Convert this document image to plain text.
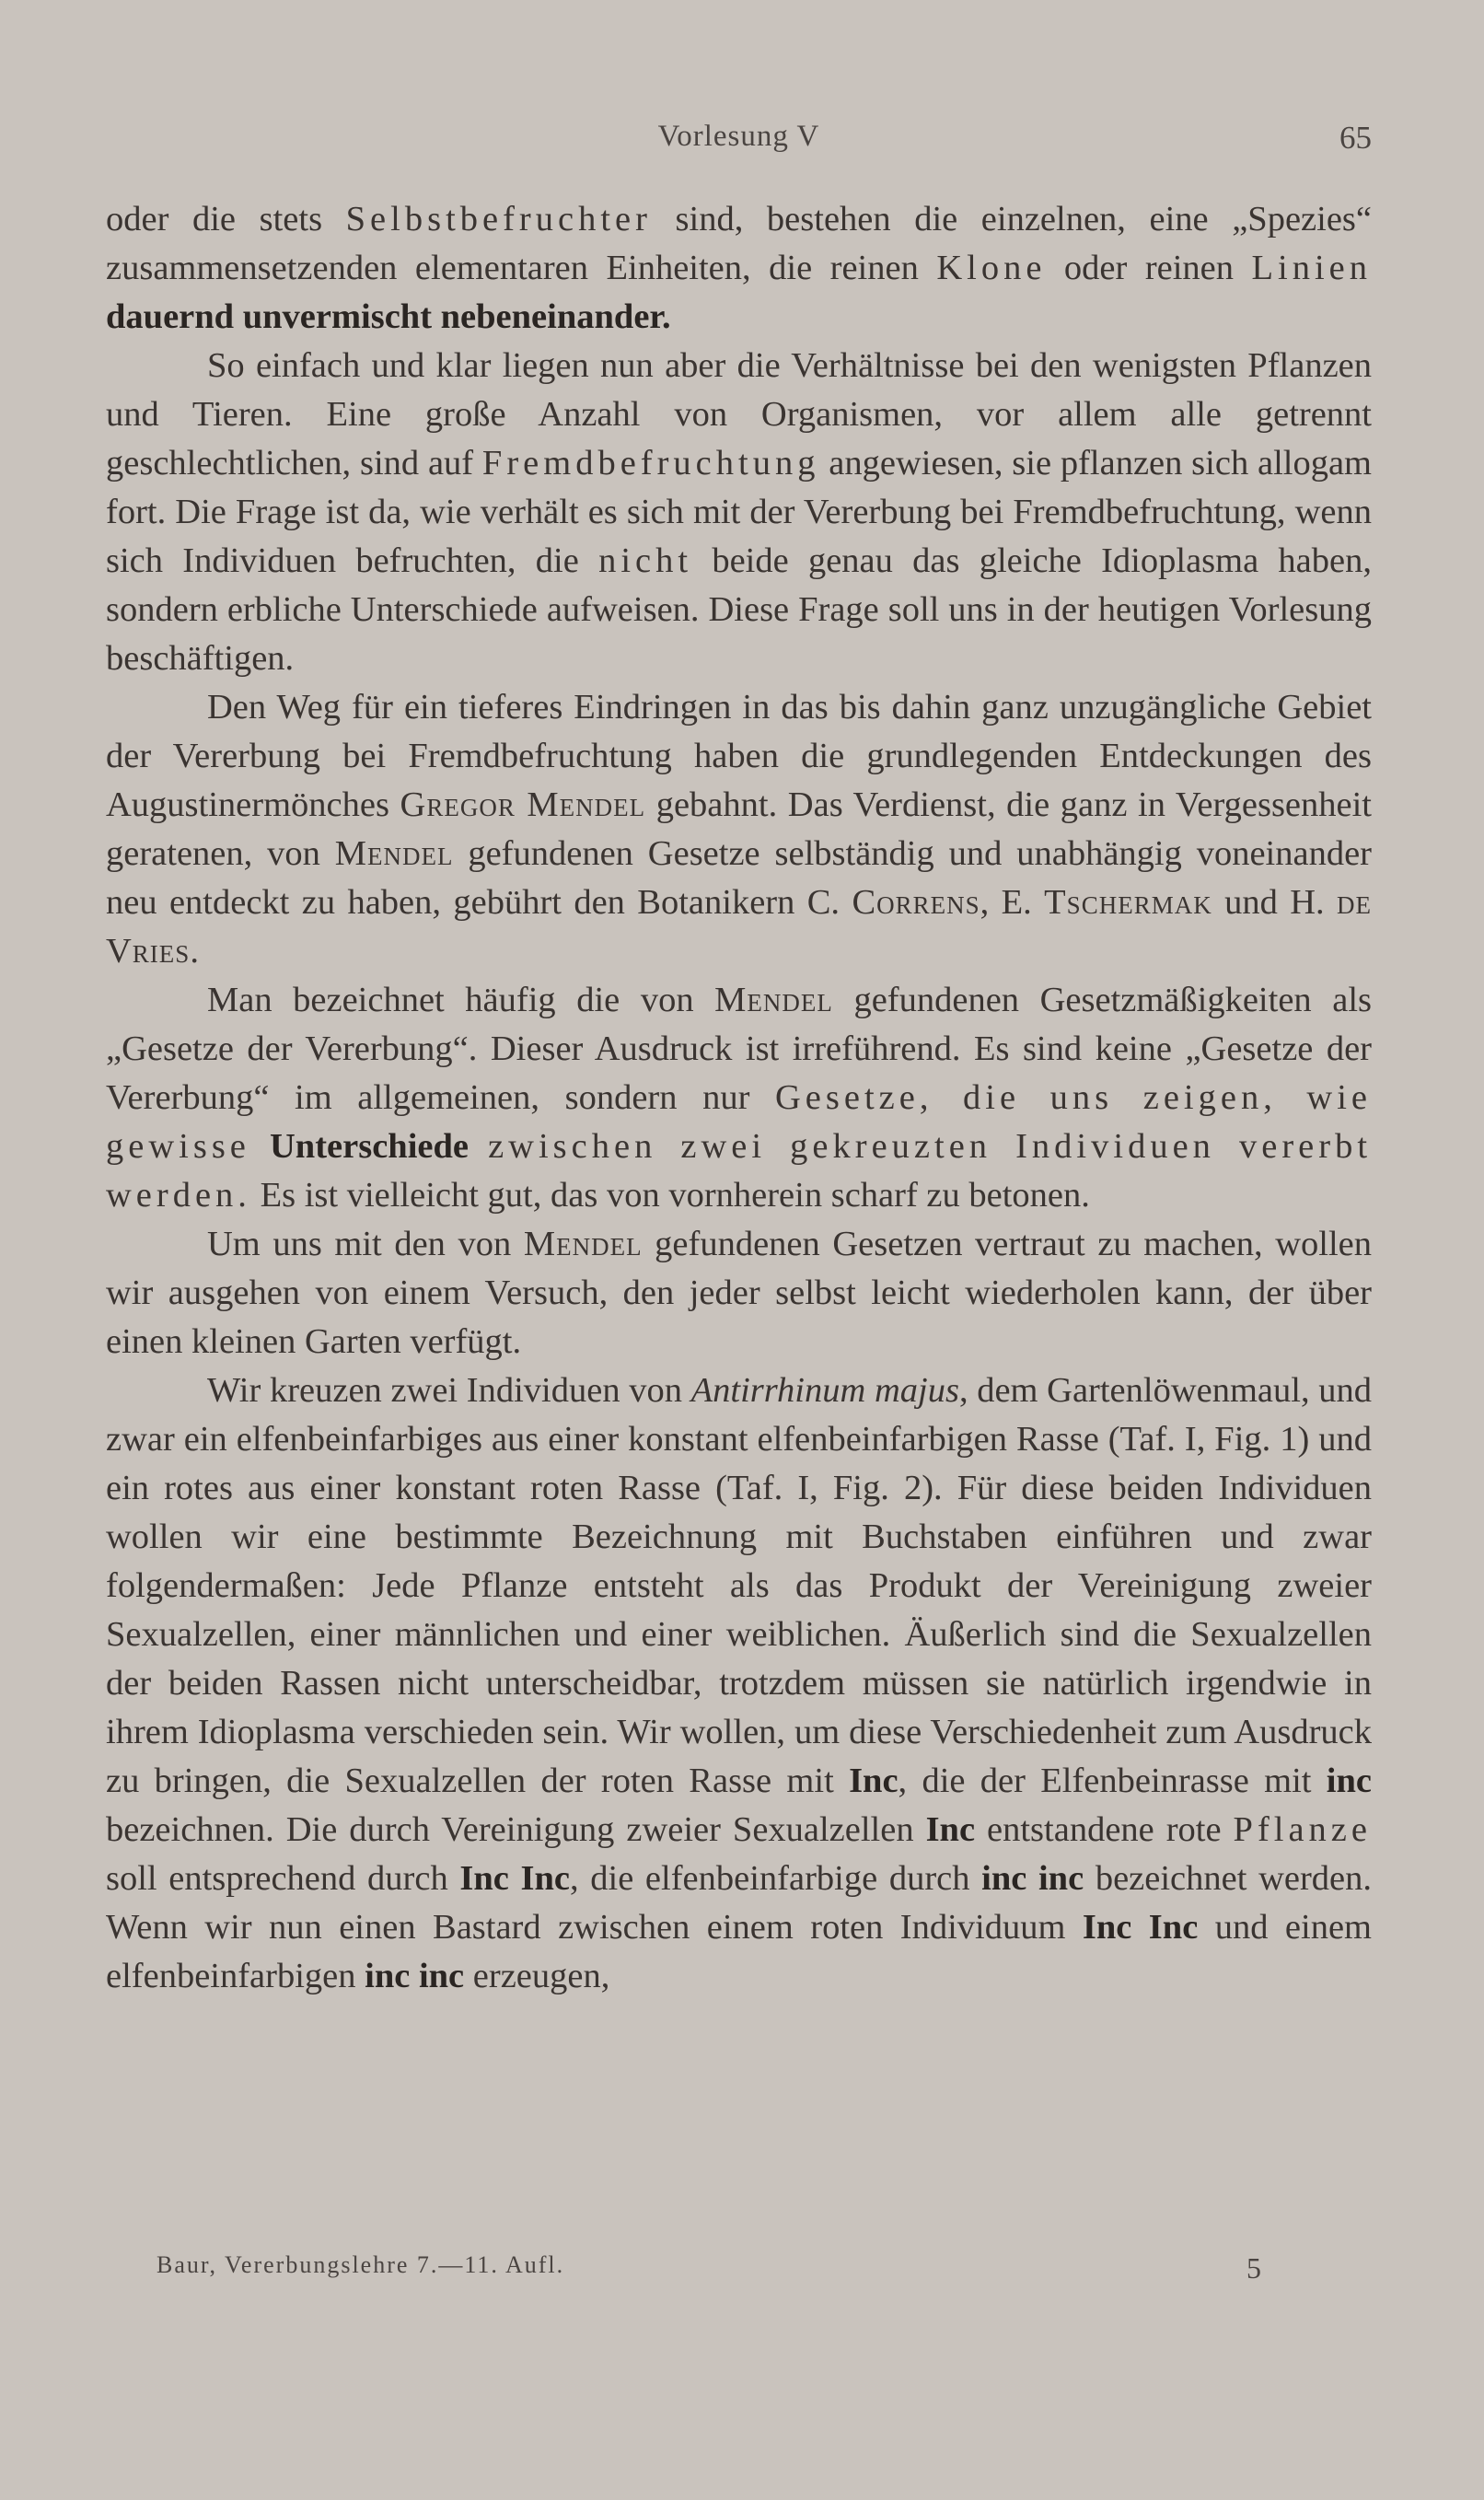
Vorlesung V	65

oder die stets Selbstbefruchter sind, bestehen die einzelnen, eine „Spezies“ zusammensetzenden elementaren Einheiten, die reinen Klone oder reinen Linien dauernd unvermischt nebeneinander.

So einfach und klar liegen nun aber die Verhältnisse bei den wenigsten Pflanzen und Tieren. Eine große Anzahl von Organismen, vor allem alle getrennt geschlechtlichen, sind auf Fremdbefruchtung angewiesen, sie pflanzen sich allogam fort. Die Frage ist da, wie verhält es sich mit der Vererbung bei Fremdbefruchtung, wenn sich Individuen befruchten, die nicht beide genau das gleiche Idioplasma haben, sondern erbliche Unterschiede aufweisen. Diese Frage soll uns in der heutigen Vorlesung beschäftigen.

Den Weg für ein tieferes Eindringen in das bis dahin ganz unzugängliche Gebiet der Vererbung bei Fremdbefruchtung haben die grundlegenden Entdeckungen des Augustinermönches Gregor Mendel gebahnt. Das Verdienst, die ganz in Vergessenheit geratenen, von Mendel gefundenen Gesetze selbständig und unabhängig voneinander neu entdeckt zu haben, gebührt den Botanikern C. Correns, E. Tschermak und H. de Vries.

Man bezeichnet häufig die von Mendel gefundenen Gesetzmäßigkeiten als „Gesetze der Vererbung“. Dieser Ausdruck ist irreführend. Es sind keine „Gesetze der Vererbung“ im allgemeinen, sondern nur Gesetze, die uns zeigen, wie gewisse Unterschiede zwischen zwei gekreuzten Individuen vererbt werden. Es ist vielleicht gut, das von vornherein scharf zu betonen.

Um uns mit den von Mendel gefundenen Gesetzen vertraut zu machen, wollen wir ausgehen von einem Versuch, den jeder selbst leicht wiederholen kann, der über einen kleinen Garten verfügt.

Wir kreuzen zwei Individuen von Antirrhinum majus, dem Gartenlöwenmaul, und zwar ein elfenbeinfarbiges aus einer konstant elfenbeinfarbigen Rasse (Taf. I, Fig. 1) und ein rotes aus einer konstant roten Rasse (Taf. I, Fig. 2). Für diese beiden Individuen wollen wir eine bestimmte Bezeichnung mit Buchstaben einführen und zwar folgendermaßen: Jede Pflanze entsteht als das Produkt der Vereinigung zweier Sexualzellen, einer männlichen und einer weiblichen. Äußerlich sind die Sexualzellen der beiden Rassen nicht unterscheidbar, trotzdem müssen sie natürlich irgendwie in ihrem Idioplasma verschieden sein. Wir wollen, um diese Verschiedenheit zum Ausdruck zu bringen, die Sexualzellen der roten Rasse mit Inc, die der Elfenbeinrasse mit inc bezeichnen. Die durch Vereinigung zweier Sexualzellen Inc entstandene rote Pflanze soll entsprechend durch Inc Inc, die elfenbeinfarbige durch inc inc bezeichnet werden. Wenn wir nun einen Bastard zwischen einem roten Individuum Inc Inc und einem elfenbeinfarbigen inc inc erzeugen,

Baur, Vererbungslehre 7.—11. Aufl.	5
